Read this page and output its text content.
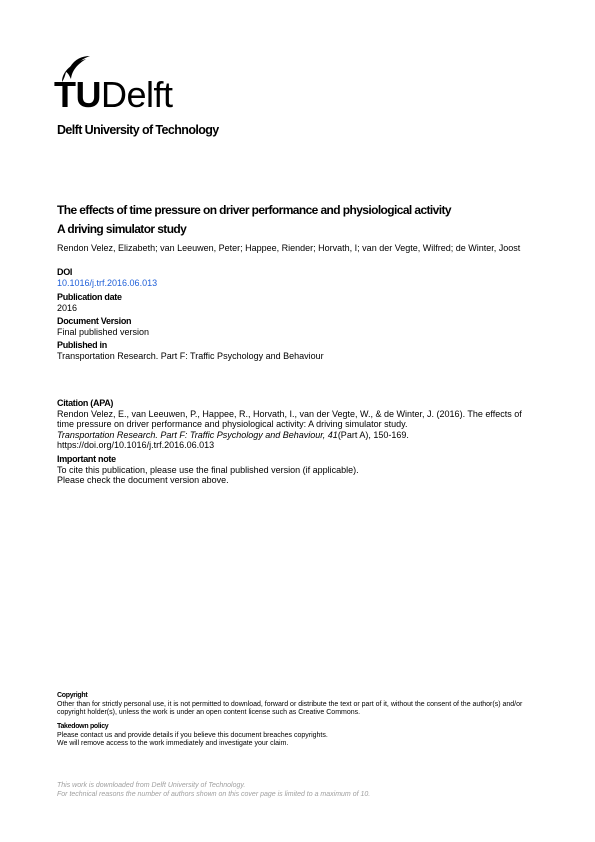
TUDelft
Delft University of Technology
The effects of time pressure on driver performance and physiological activity
A driving simulator study
Rendon Velez, Elizabeth; van Leeuwen, Peter; Happee, Riender; Horvath, I; van der Vegte, Wilfred; de Winter, Joost
DOI
10.1016/j.trf.2016.06.013
Publication date
2016
Document Version
Final published version
Published in
Transportation Research. Part F: Traffic Psychology and Behaviour
Citation (APA)
Rendon Velez, E., van Leeuwen, P., Happee, R., Horvath, I., van der Vegte, W., & de Winter, J. (2016). The effects of time pressure on driver performance and physiological activity: A driving simulator study.
Transportation Research. Part F: Traffic Psychology and Behaviour, 41(Part A), 150-169.
https://doi.org/10.1016/j.trf.2016.06.013
Important note
To cite this publication, please use the final published version (if applicable).
Please check the document version above.
Copyright
Other than for strictly personal use, it is not permitted to download, forward or distribute the text or part of it, without the consent of the author(s) and/or copyright holder(s), unless the work is under an open content license such as Creative Commons.
Takedown policy
Please contact us and provide details if you believe this document breaches copyrights.
We will remove access to the work immediately and investigate your claim.
This work is downloaded from Delft University of Technology.
For technical reasons the number of authors shown on this cover page is limited to a maximum of 10.
